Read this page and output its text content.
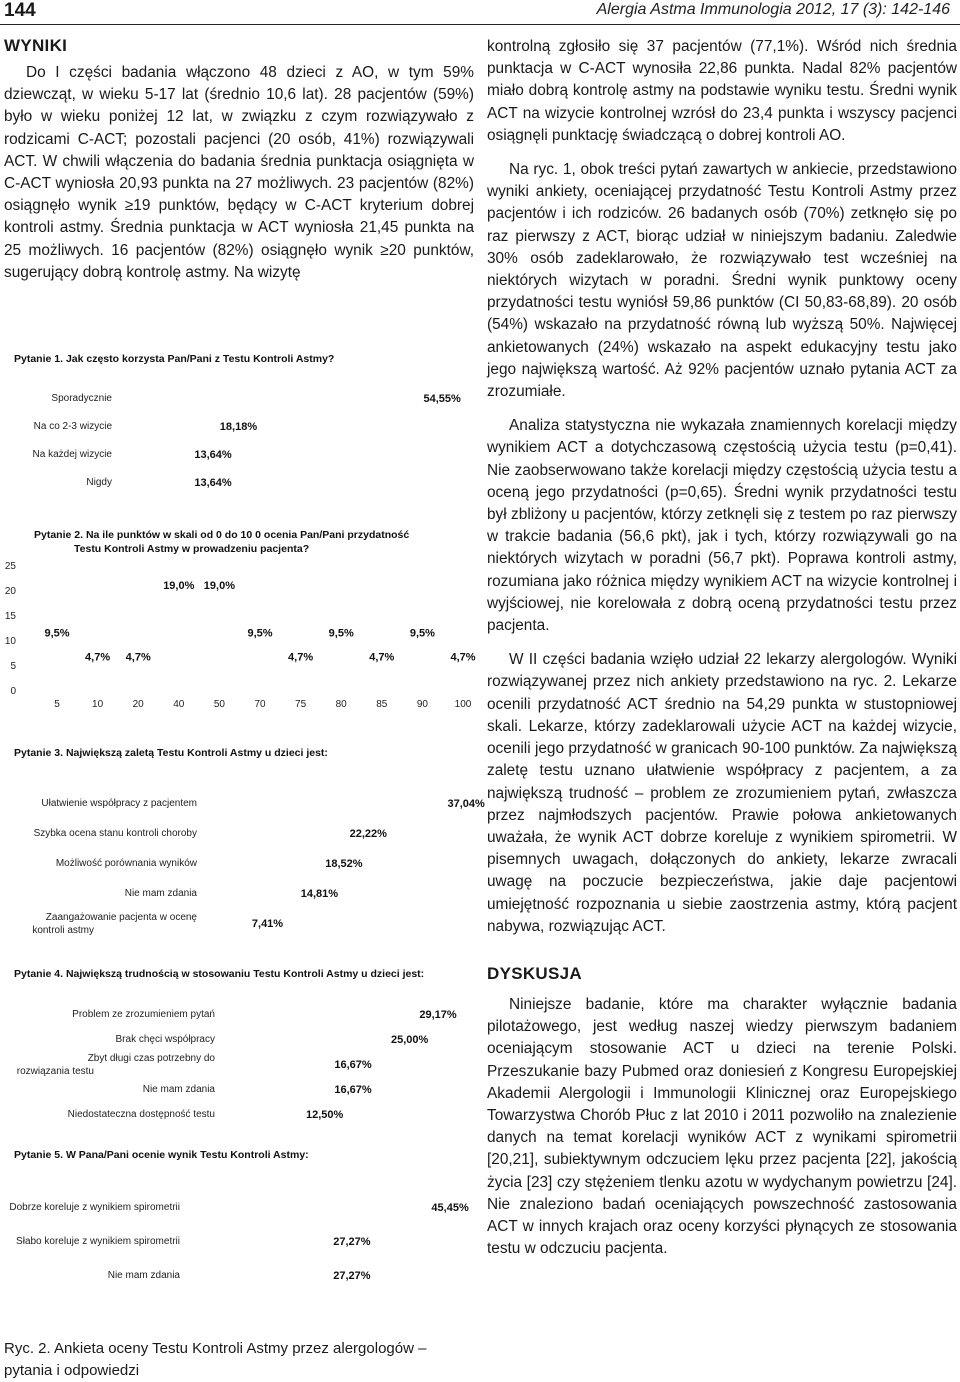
144	Alergia Astma Immunologia 2012, 17 (3): 142-146
WYNIKI

Do I części badania włączono 48 dzieci z AO, w tym 59% dziewcząt, w wieku 5-17 lat (średnio 10,6 lat). 28 pacjentów (59%) było w wieku poniżej 12 lat, w związku z czym rozwiązywało z rodzicami C-ACT; pozostali pacjenci (20 osób, 41%) rozwiązywali ACT. W chwili włączenia do badania średnia punktacja osiągnięta w C-ACT wyniosła 20,93 punkta na 27 możliwych. 23 pacjentów (82%) osiągnęło wynik ≥19 punktów, będący w C-ACT kryterium dobrej kontroli astmy. Średnia punktacja w ACT wyniosła 21,45 punkta na 25 możliwych. 16 pacjentów (82%) osiągnęło wynik ≥20 punktów, sugerujący dobrą kontrolę astmy. Na wizytę

Pytanie 1. Jak często korzysta Pan/Pani z Testu Kontroli Astmy?
Sporadycznie	54,55%
Na co 2-3 wizycie	18,18%
Na każdej wizycie	13,64%
Nigdy	13,64%
Pytanie 2. Na ile punktów w skali od 0 do 10 0 ocenia Pan/Pani przydatność
Testu Kontroli Astmy w prowadzeniu pacjenta?
0
5
10
15
20
25
9,5%
5
4,7%
10
4,7%
20
19,0%
40
19,0%
50
9,5%
70
4,7%
75
9,5%
80
4,7%
85
9,5%
90
4,7%
100
Pytanie 3. Największą zaletą Testu Kontroli Astmy u dzieci jest:
Ułatwienie współpracy z pacjentem	37,04%
Szybka ocena stanu kontroli choroby	22,22%
Możliwość porównania wyników	18,52%
Nie mam zdania	14,81%
Zaangażowanie pacjenta w ocenę
kontroli astmy
7,41%
Pytanie 4. Największą trudnością w stosowaniu Testu Kontroli Astmy u dzieci jest:
Problem ze zrozumieniem pytań	29,17%
Brak chęci współpracy	25,00%
Zbyt długi czas potrzebny do
rozwiązania testu
16,67%
Nie mam zdania	16,67%
Niedostateczna dostępność testu	12,50%
Pytanie 5. W Pana/Pani ocenie wynik Testu Kontroli Astmy:
Dobrze koreluje z wynikiem spirometrii	45,45%
Słabo koreluje z wynikiem spirometrii	27,27%
Nie mam zdania	27,27%

Ryc. 2. Ankieta oceny Testu Kontroli Astmy przez alergologów – pytania i odpowiedzi

kontrolną zgłosiło się 37 pacjentów (77,1%). Wśród nich średnia punktacja w C-ACT wynosiła 22,86 punkta. Nadal 82% pacjentów miało dobrą kontrolę astmy na podstawie wyniku testu. Średni wynik ACT na wizycie kontrolnej wzrósł do 23,4 punkta i wszyscy pacjenci osiągnęli punktację świadczącą o dobrej kontroli AO.

Na ryc. 1, obok treści pytań zawartych w ankiecie, przedstawiono wyniki ankiety, oceniającej przydatność Testu Kontroli Astmy przez pacjentów i ich rodziców. 26 badanych osób (70%) zetknęło się po raz pierwszy z ACT, biorąc udział w niniejszym badaniu. Zaledwie 30% osób zadeklarowało, że rozwiązywało test wcześniej na niektórych wizytach w poradni. Średni wynik punktowy oceny przydatności testu wyniósł 59,86 punktów (CI 50,83-68,89). 20 osób (54%) wskazało na przydatność równą lub wyższą 50%. Najwięcej ankietowanych (24%) wskazało na aspekt edukacyjny testu jako jego największą wartość. Aż 92% pacjentów uznało pytania ACT za zrozumiałe.

Analiza statystyczna nie wykazała znamiennych korelacji między wynikiem ACT a dotychczasową częstością użycia testu (p=0,41). Nie zaobserwowano także korelacji między częstością użycia testu a oceną jego przydatności (p=0,65). Średni wynik przydatności testu był zbliżony u pacjentów, którzy zetknęli się z testem po raz pierwszy w trakcie badania (56,6 pkt), jak i tych, którzy rozwiązywali go na niektórych wizytach w poradni (56,7 pkt). Poprawa kontroli astmy, rozumiana jako różnica między wynikiem ACT na wizycie kontrolnej i wyjściowej, nie korelowała z dobrą oceną przydatności testu przez pacjenta.

W II części badania wzięło udział 22 lekarzy alergologów. Wyniki rozwiązywanej przez nich ankiety przedstawiono na ryc. 2. Lekarze ocenili przydatność ACT średnio na 54,29 punkta w stustopniowej skali. Lekarze, którzy zadeklarowali użycie ACT na każdej wizycie, ocenili jego przydatność w granicach 90-100 punktów. Za największą zaletę testu uznano ułatwienie współpracy z pacjentem, a za największą trudność – problem ze zrozumieniem pytań, zwłaszcza przez najmłodszych pacjentów. Prawie połowa ankietowanych uważała, że wynik ACT dobrze koreluje z wynikiem spirometrii. W pisemnych uwagach, dołączonych do ankiety, lekarze zwracali uwagę na poczucie bezpieczeństwa, jakie daje pacjentowi umiejętność rozpoznania u siebie zaostrzenia astmy, którą pacjent nabywa, rozwiązując ACT.

DYSKUSJA

Niniejsze badanie, które ma charakter wyłącznie badania pilotażowego, jest według naszej wiedzy pierwszym badaniem oceniającym stosowanie ACT u dzieci na terenie Polski. Przeszukanie bazy Pubmed oraz doniesień z Kongresu Europejskiej Akademii Alergologii i Immunologii Klinicznej oraz Europejskiego Towarzystwa Chorób Płuc z lat 2010 i 2011 pozwoliło na znalezienie danych na temat korelacji wyników ACT z wynikami spirometrii [20,21], subiektywnym odczuciem lęku przez pacjenta [22], jakością życia [23] czy stężeniem tlenku azotu w wydychanym powietrzu [24]. Nie znaleziono badań oceniających powszechność zastosowania ACT w innych krajach oraz oceny korzyści płynących ze stosowania testu w odczuciu pacjenta.
